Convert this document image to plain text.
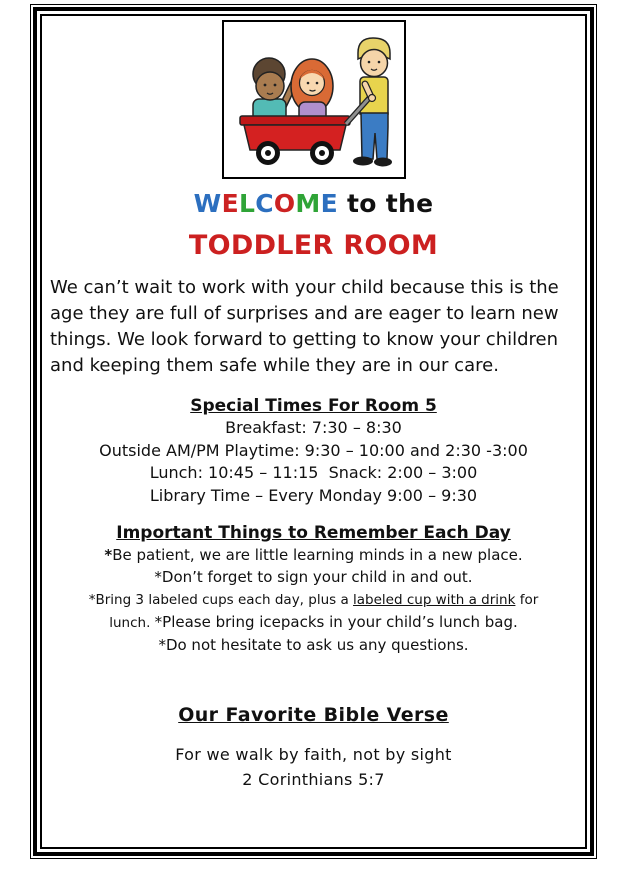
WELCOME to the
TODDLER ROOM
We can’t wait to work with your child because this is the age they are full of surprises and are eager to learn new things. We look forward to getting to know your children and keeping them safe while they are in our care.
Special Times For Room 5
Breakfast: 7:30 – 8:30
Outside AM/PM Playtime: 9:30 – 10:00 and 2:30 -3:00
Lunch: 10:45 – 11:15  Snack: 2:00 – 3:00
Library Time – Every Monday 9:00 – 9:30
Important Things to Remember Each Day
*Be patient, we are little learning minds in a new place.
*Don’t forget to sign your child in and out.
*Bring 3 labeled cups each day, plus a labeled cup with a drink for
lunch. *Please bring icepacks in your child’s lunch bag.
*Do not hesitate to ask us any questions.
Our Favorite Bible Verse
For we walk by faith, not by sight
2 Corinthians 5:7
